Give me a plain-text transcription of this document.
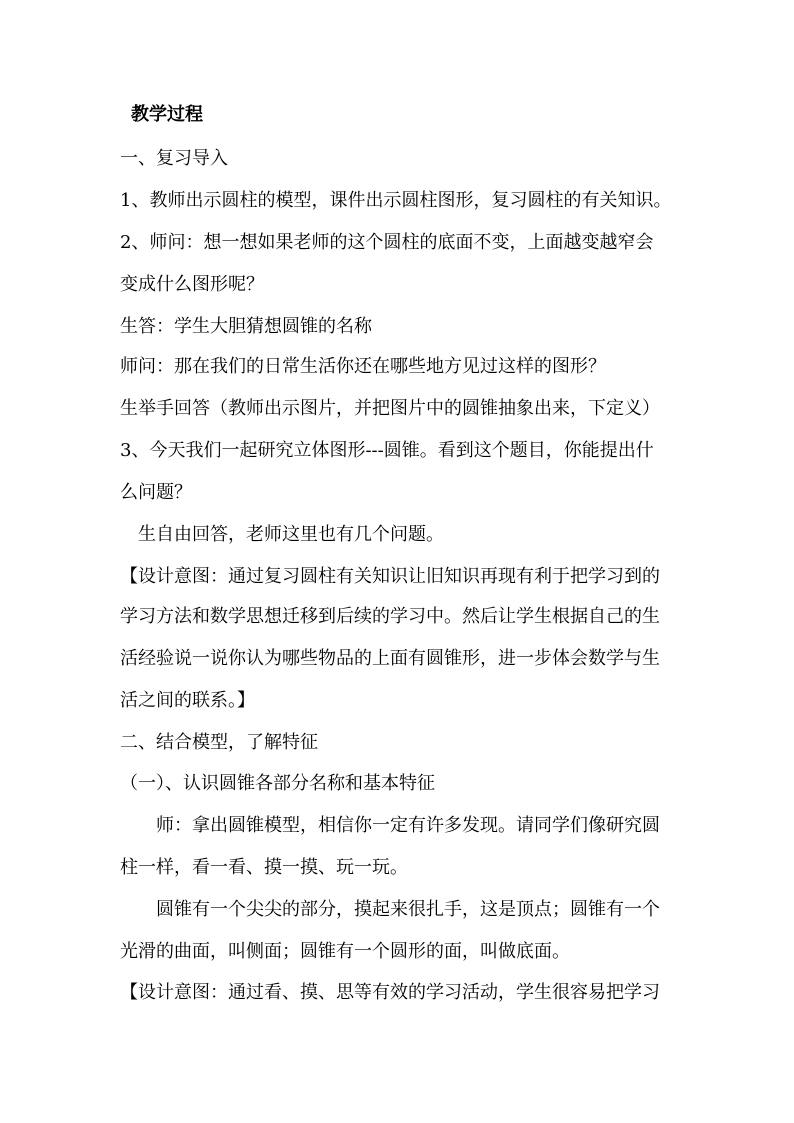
教学过程
一、复习导入
1、教师出示圆柱的模型，课件出示圆柱图形，复习圆柱的有关知识。
2、师问：想一想如果老师的这个圆柱的底面不变，上面越变越窄会
变成什么图形呢？
生答：学生大胆猜想圆锥的名称
师问：那在我们的日常生活你还在哪些地方见过这样的图形？
生举手回答（教师出示图片，并把图片中的圆锥抽象出来，下定义）
3、今天我们一起研究立体图形---圆锥。看到这个题目，你能提出什
么问题？
生自由回答，老师这里也有几个问题。
【设计意图：通过复习圆柱有关知识让旧知识再现有利于把学习到的
学习方法和数学思想迁移到后续的学习中。然后让学生根据自己的生
活经验说一说你认为哪些物品的上面有圆锥形，进一步体会数学与生
活之间的联系。】
二、结合模型，了解特征
（一）、认识圆锥各部分名称和基本特征
师：拿出圆锥模型，相信你一定有许多发现。请同学们像研究圆
柱一样，看一看、摸一摸、玩一玩。
圆锥有一个尖尖的部分，摸起来很扎手，这是顶点；圆锥有一个
光滑的曲面，叫侧面；圆锥有一个圆形的面，叫做底面。
【设计意图：通过看、摸、思等有效的学习活动，学生很容易把学习
